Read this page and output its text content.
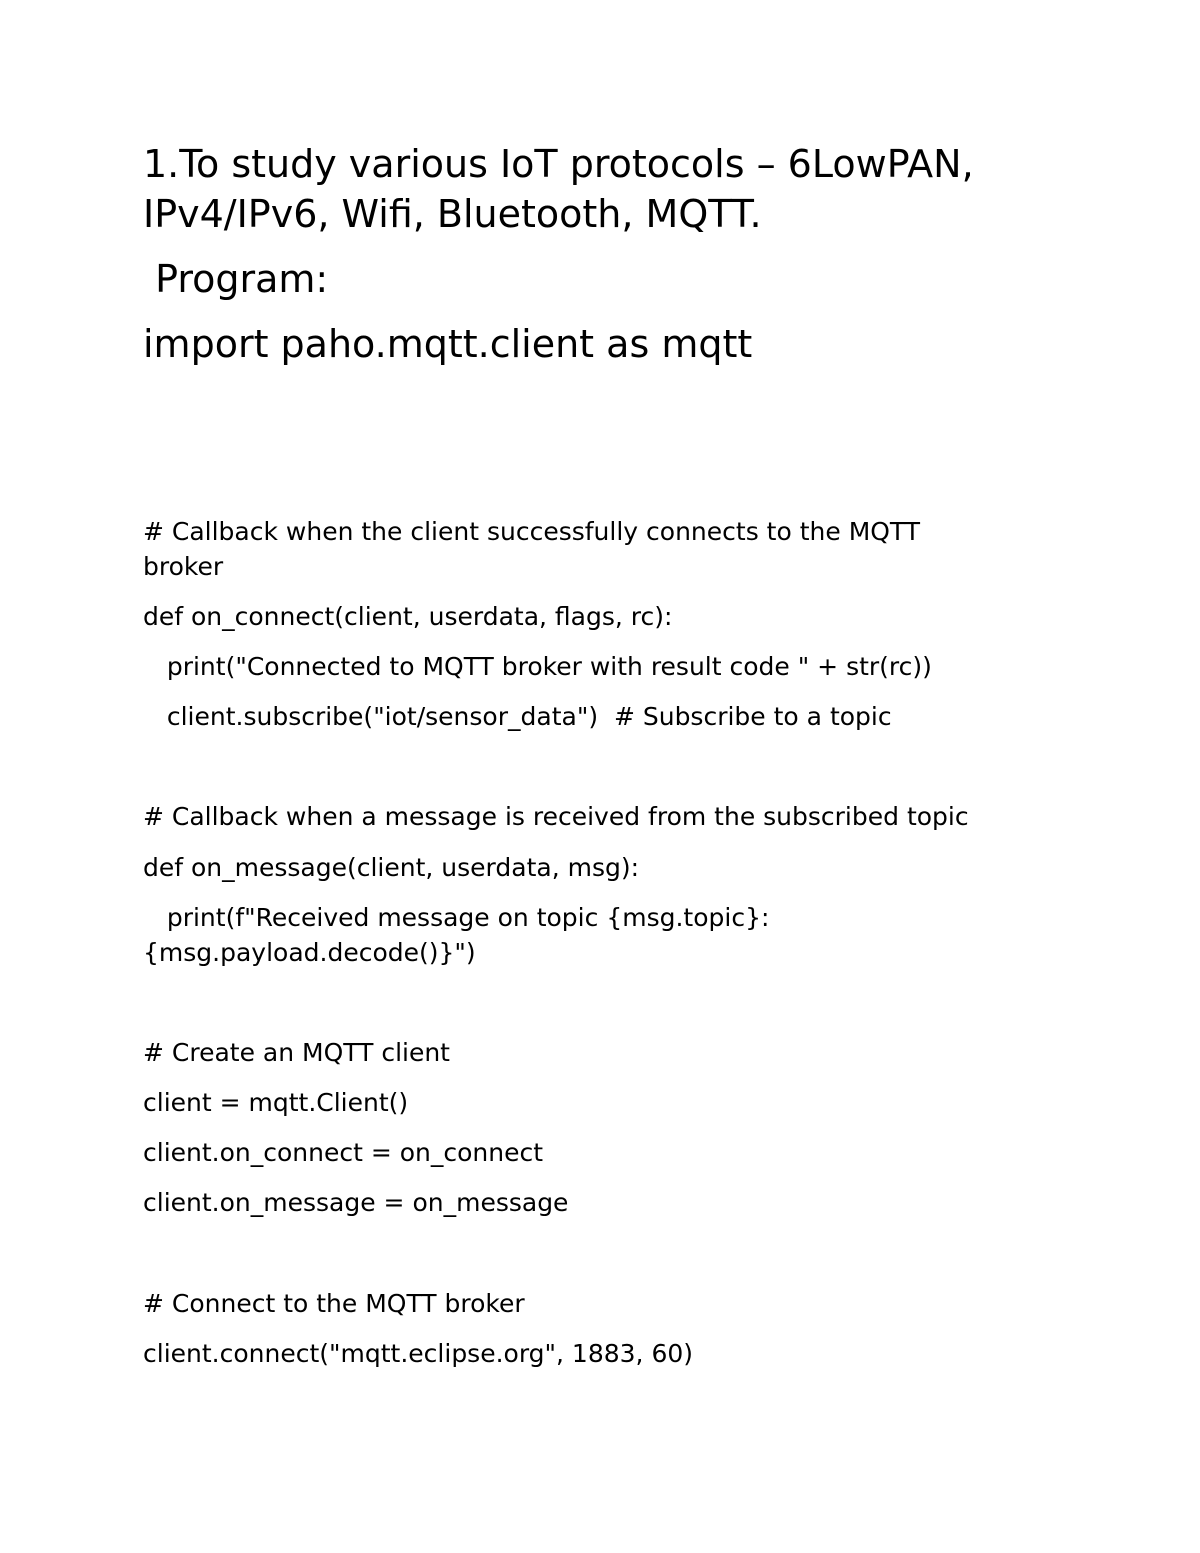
1.To study various IoT protocols – 6LowPAN,

IPv4/IPv6, Wifi, Bluetooth, MQTT.

Program:

import paho.mqtt.client as mqtt

# Callback when the client successfully connects to the MQTT

broker

def on_connect(client, userdata, flags, rc):

print("Connected to MQTT broker with result code " + str(rc))

client.subscribe("iot/sensor_data")  # Subscribe to a topic

# Callback when a message is received from the subscribed topic

def on_message(client, userdata, msg):

print(f"Received message on topic {msg.topic}:

{msg.payload.decode()}")

# Create an MQTT client

client = mqtt.Client()

client.on_connect = on_connect

client.on_message = on_message

# Connect to the MQTT broker

client.connect("mqtt.eclipse.org", 1883, 60)
